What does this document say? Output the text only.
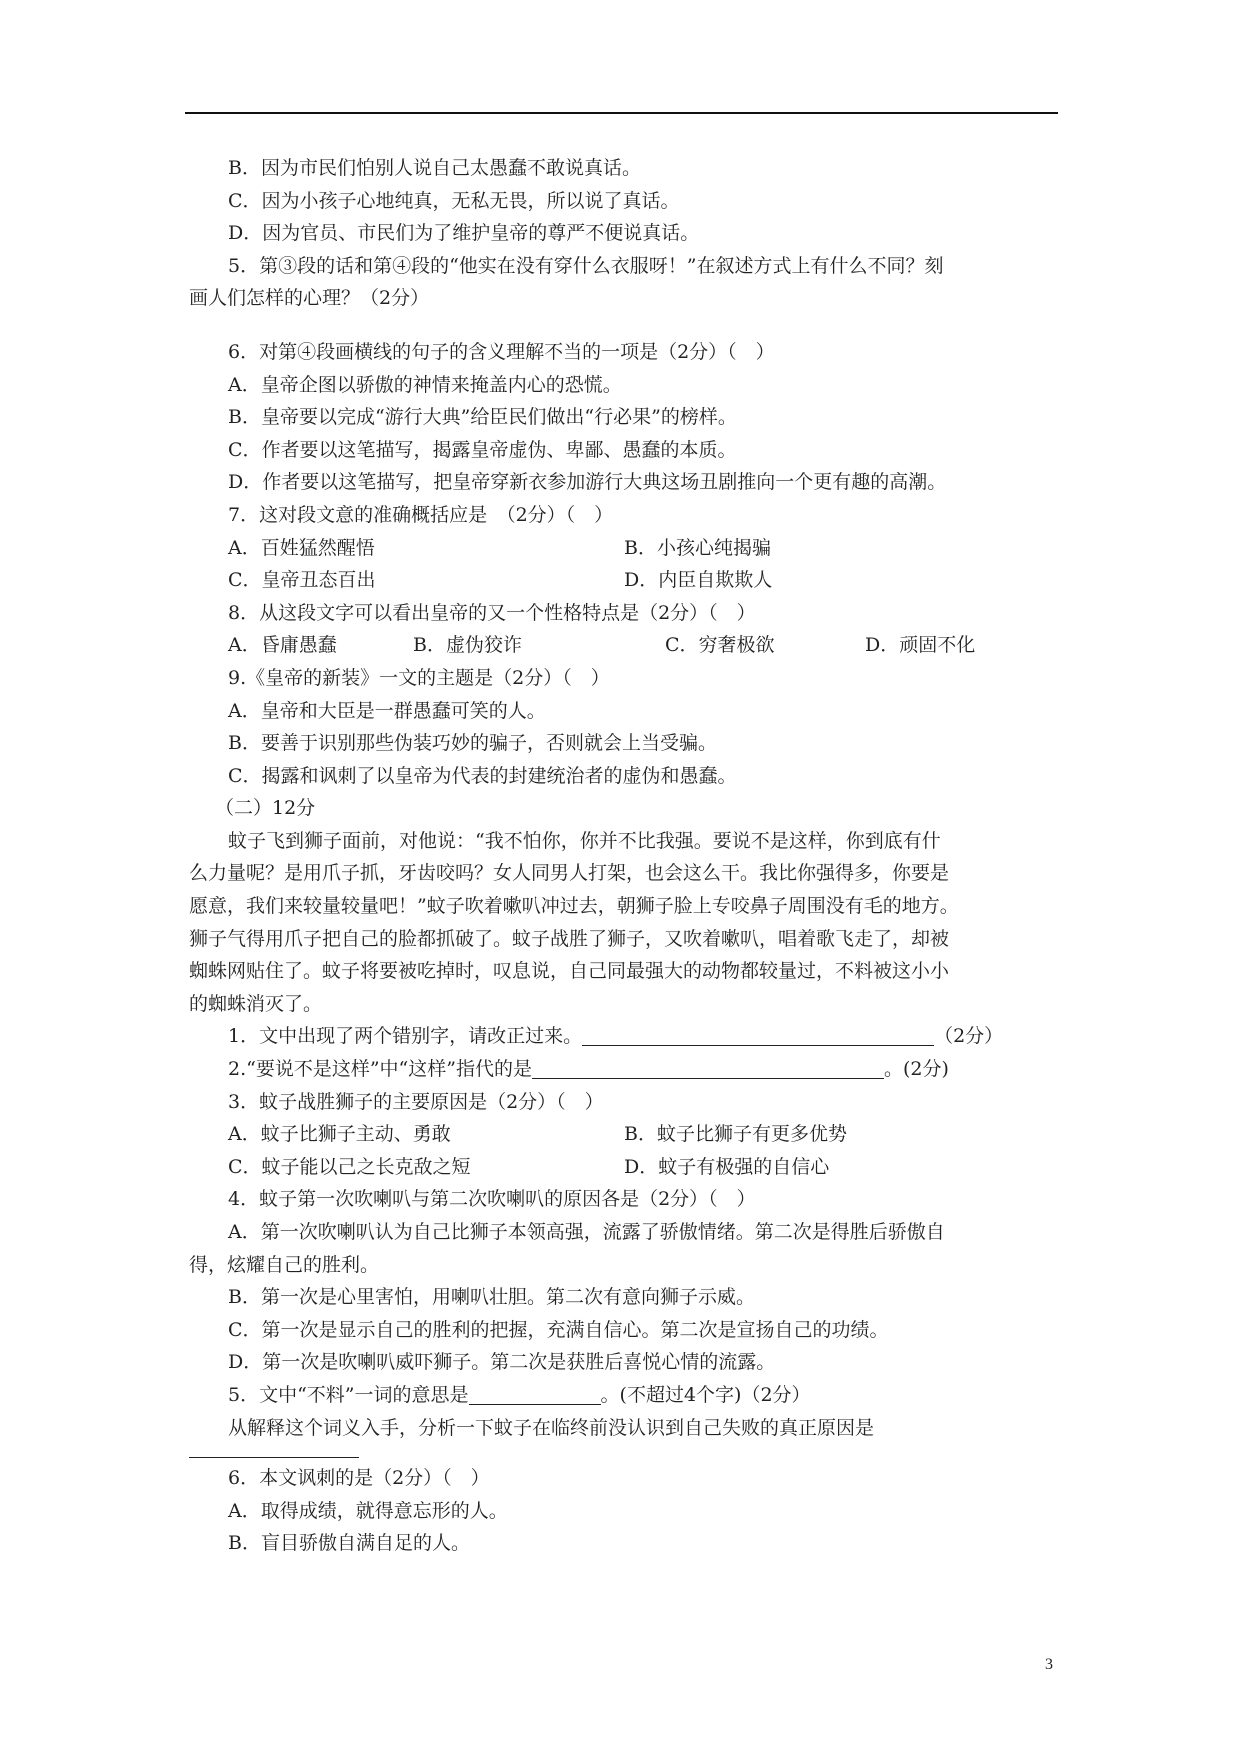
B．因为市民们怕别人说自己太愚蠢不敢说真话。
C．因为小孩子心地纯真，无私无畏，所以说了真话。
D．因为官员、市民们为了维护皇帝的尊严不便说真话。
5．第③段的话和第④段的“他实在没有穿什么衣服呀！”在叙述方式上有什么不同？刻
画人们怎样的心理？（2分）
6．对第④段画横线的句子的含义理解不当的一项是（2分）（　）
A．皇帝企图以骄傲的神情来掩盖内心的恐慌。
B．皇帝要以完成“游行大典”给臣民们做出“行必果”的榜样。
C．作者要以这笔描写，揭露皇帝虚伪、卑鄙、愚蠢的本质。
D．作者要以这笔描写，把皇帝穿新衣参加游行大典这场丑剧推向一个更有趣的高潮。
7．这对段文意的准确概括应是　（2分）（　）
A．百姓猛然醒悟	B．小孩心纯揭骗
C．皇帝丑态百出	D．内臣自欺欺人
8．从这段文字可以看出皇帝的又一个性格特点是（2分）（　）
A．昏庸愚蠢	B．虚伪狡诈	C．穷奢极欲	D．顽固不化
9.《皇帝的新装》一文的主题是（2分）（　）
A．皇帝和大臣是一群愚蠢可笑的人。
B．要善于识别那些伪装巧妙的骗子，否则就会上当受骗。
C．揭露和讽刺了以皇帝为代表的封建统治者的虚伪和愚蠢。
（二）12分
蚊子飞到狮子面前，对他说：“我不怕你，你并不比我强。要说不是这样，你到底有什
么力量呢？是用爪子抓，牙齿咬吗？女人同男人打架，也会这么干。我比你强得多，你要是
愿意，我们来较量较量吧！”蚊子吹着嗽叭冲过去，朝狮子脸上专咬鼻子周围没有毛的地方。
狮子气得用爪子把自己的脸都抓破了。蚊子战胜了狮子，又吹着嗽叭，唱着歌飞走了，却被
蜘蛛网贴住了。蚊子将要被吃掉时，叹息说，自己同最强大的动物都较量过，不料被这小小
的蜘蛛消灭了。
1．文中出现了两个错别字，请改正过来。	（2分）
2.“要说不是这样”中“这样”指代的是	。(2分)
3．蚊子战胜狮子的主要原因是（2分）（　）
A．蚊子比狮子主动、勇敢	B．蚊子比狮子有更多优势
C．蚊子能以己之长克敌之短	D．蚊子有极强的自信心
4．蚊子第一次吹喇叭与第二次吹喇叭的原因各是（2分）（　）
A．第一次吹喇叭认为自己比狮子本领高强，流露了骄傲情绪。第二次是得胜后骄傲自
得，炫耀自己的胜利。
B．第一次是心里害怕，用喇叭壮胆。第二次有意向狮子示威。
C．第一次是显示自己的胜利的把握，充满自信心。第二次是宣扬自己的功绩。
D．第一次是吹喇叭威吓狮子。第二次是获胜后喜悦心情的流露。
5．文中“不料”一词的意思是	。(不超过4个字)（2分）
从解释这个词义入手，分析一下蚊子在临终前没认识到自己失败的真正原因是
6．本文讽刺的是（2分）（　）
A．取得成绩，就得意忘形的人。
B．盲目骄傲自满自足的人。
3
